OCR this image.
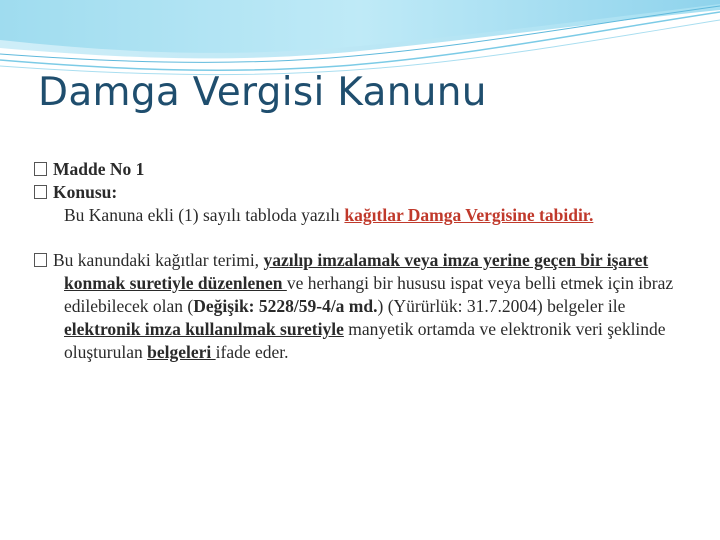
Damga Vergisi Kanunu
Madde No 1
Konusu:
Bu Kanuna ekli (1) sayılı tabloda yazılı kağıtlar Damga Vergisine tabidir.
Bu kanundaki kağıtlar terimi, yazılıp imzalamak veya imza yerine geçen bir işaret konmak suretiyle düzenlenen ve herhangi bir hususu ispat veya belli etmek için ibraz edilebilecek olan (Değişik: 5228/59-4/a md.) (Yürürlük: 31.7.2004) belgeler ile elektronik imza kullanılmak suretiyle manyetik ortamda ve elektronik veri şeklinde oluşturulan belgeleri ifade eder.
